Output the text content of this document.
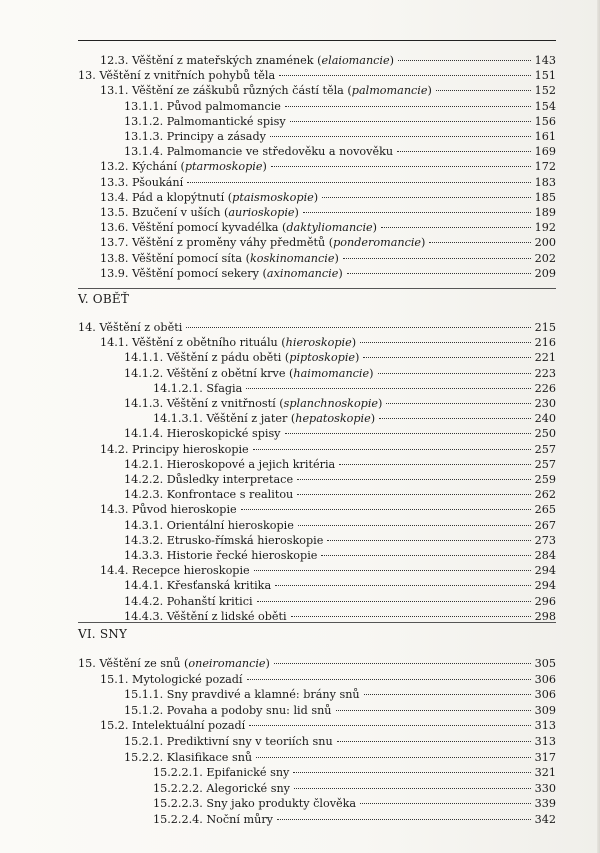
12.3. Věštění z mateřských znamének (elaiomancie)	143
13. Věštění z vnitřních pohybů těla	151
13.1. Věštění ze záškubů různých částí těla (palmomancie)	152
13.1.1. Původ palmomancie	154
13.1.2. Palmomantické spisy	156
13.1.3. Principy a zásady	161
13.1.4. Palmomancie ve středověku a novověku	169
13.2. Kýchání (ptarmoskopie)	172
13.3. Pšoukání	183
13.4. Pád a klopýtnutí (ptaismoskopie)	185
13.5. Bzučení v uších (aurioskopie)	189
13.6. Věštění pomocí kyvadélka (daktyliomancie)	192
13.7. Věštění z proměny váhy předmětů (ponderomancie)	200
13.8. Věštění pomocí síta (koskinomancie)	202
13.9. Věštění pomocí sekery (axinomancie)	209
14. Věštění z oběti	215
14.1. Věštění z obětního rituálu (hieroskopie)	216
14.1.1. Věštění z pádu oběti (piptoskopie)	221
14.1.2. Věštění z obětní krve (haimomancie)	223
14.1.2.1. Sfagia	226
14.1.3. Věštění z vnitřností (splanchnoskopie)	230
14.1.3.1. Věštění z jater (hepatoskopie)	240
14.1.4. Hieroskopické spisy	250
14.2. Principy hieroskopie	257
14.2.1. Hieroskopové a jejich kritéria	257
14.2.2. Důsledky interpretace	259
14.2.3. Konfrontace s realitou	262
14.3. Původ hieroskopie	265
14.3.1. Orientální hieroskopie	267
14.3.2. Etrusko-římská hieroskopie	273
14.3.3. Historie řecké hieroskopie	284
14.4. Recepce hieroskopie	294
14.4.1. Křesťanská kritika	294
14.4.2. Pohanští kritici	296
14.4.3. Věštění z lidské oběti	298
15. Věštění ze snů (oneiromancie)	305
15.1. Mytologické pozadí	306
15.1.1. Sny pravdivé a klamné: brány snů	306
15.1.2. Povaha a podoby snu: lid snů	309
15.2. Intelektuální pozadí	313
15.2.1. Prediktivní sny v teoriích snu	313
15.2.2. Klasifikace snů	317
15.2.2.1. Epifanické sny	321
15.2.2.2. Alegorické sny	330
15.2.2.3. Sny jako produkty člověka	339
15.2.2.4. Noční můry	342
V. OBĚŤ
VI. SNY
